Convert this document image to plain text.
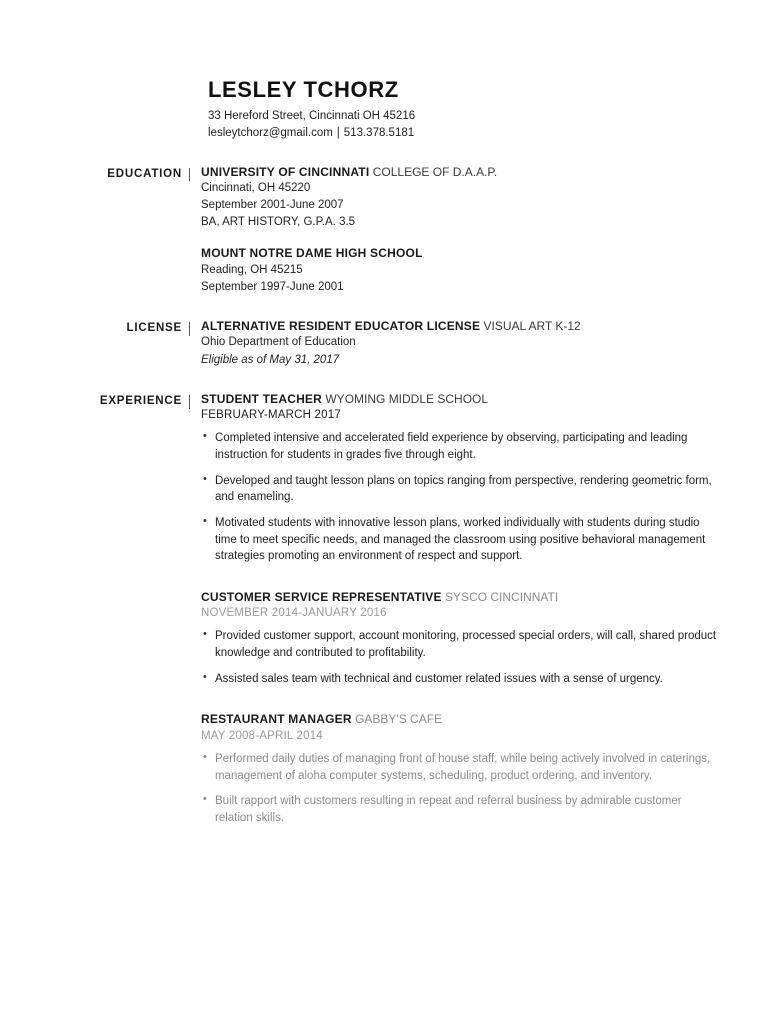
LESLEY TCHORZ
33 Hereford Street, Cincinnati OH 45216
lesleytchorz@gmail.com | 513.378.5181
EDUCATION	UNIVERSITY OF CINCINNATI COLLEGE OF D.A.A.P.
Cincinnati, OH 45220
September 2001-June 2007
BA, ART HISTORY, G.P.A. 3.5
MOUNT NOTRE DAME HIGH SCHOOL
Reading, OH 45215
September 1997-June 2001
LICENSE	ALTERNATIVE RESIDENT EDUCATOR LICENSE VISUAL ART K-12
Ohio Department of Education
Eligible as of May 31, 2017
EXPERIENCE	STUDENT TEACHER WYOMING MIDDLE SCHOOL
FEBRUARY-MARCH 2017
• Completed intensive and accelerated field experience by observing, participating and leading instruction for students in grades five through eight.
• Developed and taught lesson plans on topics ranging from perspective, rendering geometric form, and enameling.
• Motivated students with innovative lesson plans, worked individually with students during studio time to meet specific needs, and managed the classroom using positive behavioral management strategies promoting an environment of respect and support.
CUSTOMER SERVICE REPRESENTATIVE SYSCO CINCINNATI
NOVEMBER 2014-JANUARY 2016
• Provided customer support, account monitoring, processed special orders, will call, shared product knowledge and contributed to profitability.
• Assisted sales team with technical and customer related issues with a sense of urgency.
RESTAURANT MANAGER GABBY'S CAFE
MAY 2008-APRIL 2014
• Performed daily duties of managing front of house staff, while being actively involved in caterings, management of aloha computer systems, scheduling, product ordering, and inventory.
• Built rapport with customers resulting in repeat and referral business by admirable customer relation skills.
